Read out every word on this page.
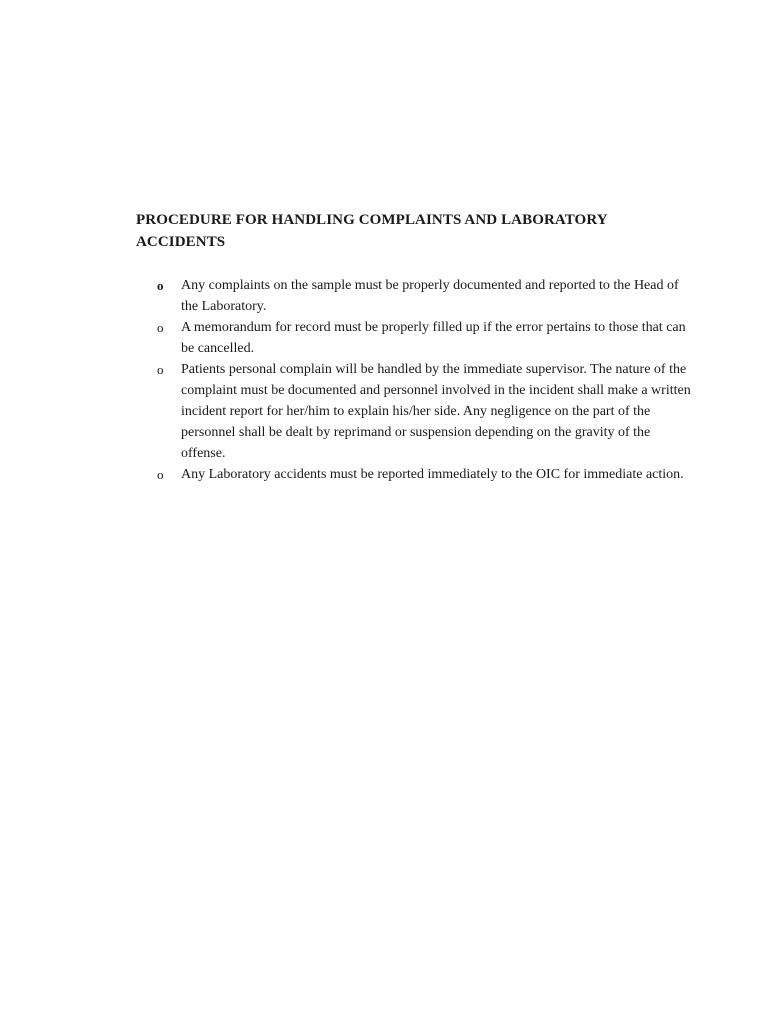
PROCEDURE FOR HANDLING COMPLAINTS AND LABORATORY ACCIDENTS
o Any complaints on the sample must be properly documented and reported to the Head of the Laboratory.
o A memorandum for record must be properly filled up if the error pertains to those that can be cancelled.
o Patients personal complain will be handled by the immediate supervisor. The nature of the complaint must be documented and personnel involved in the incident shall make a written incident report for her/him to explain his/her side. Any negligence on the part of the personnel shall be dealt by reprimand or suspension depending on the gravity of the offense.
o Any Laboratory accidents must be reported immediately to the OIC for immediate action.
